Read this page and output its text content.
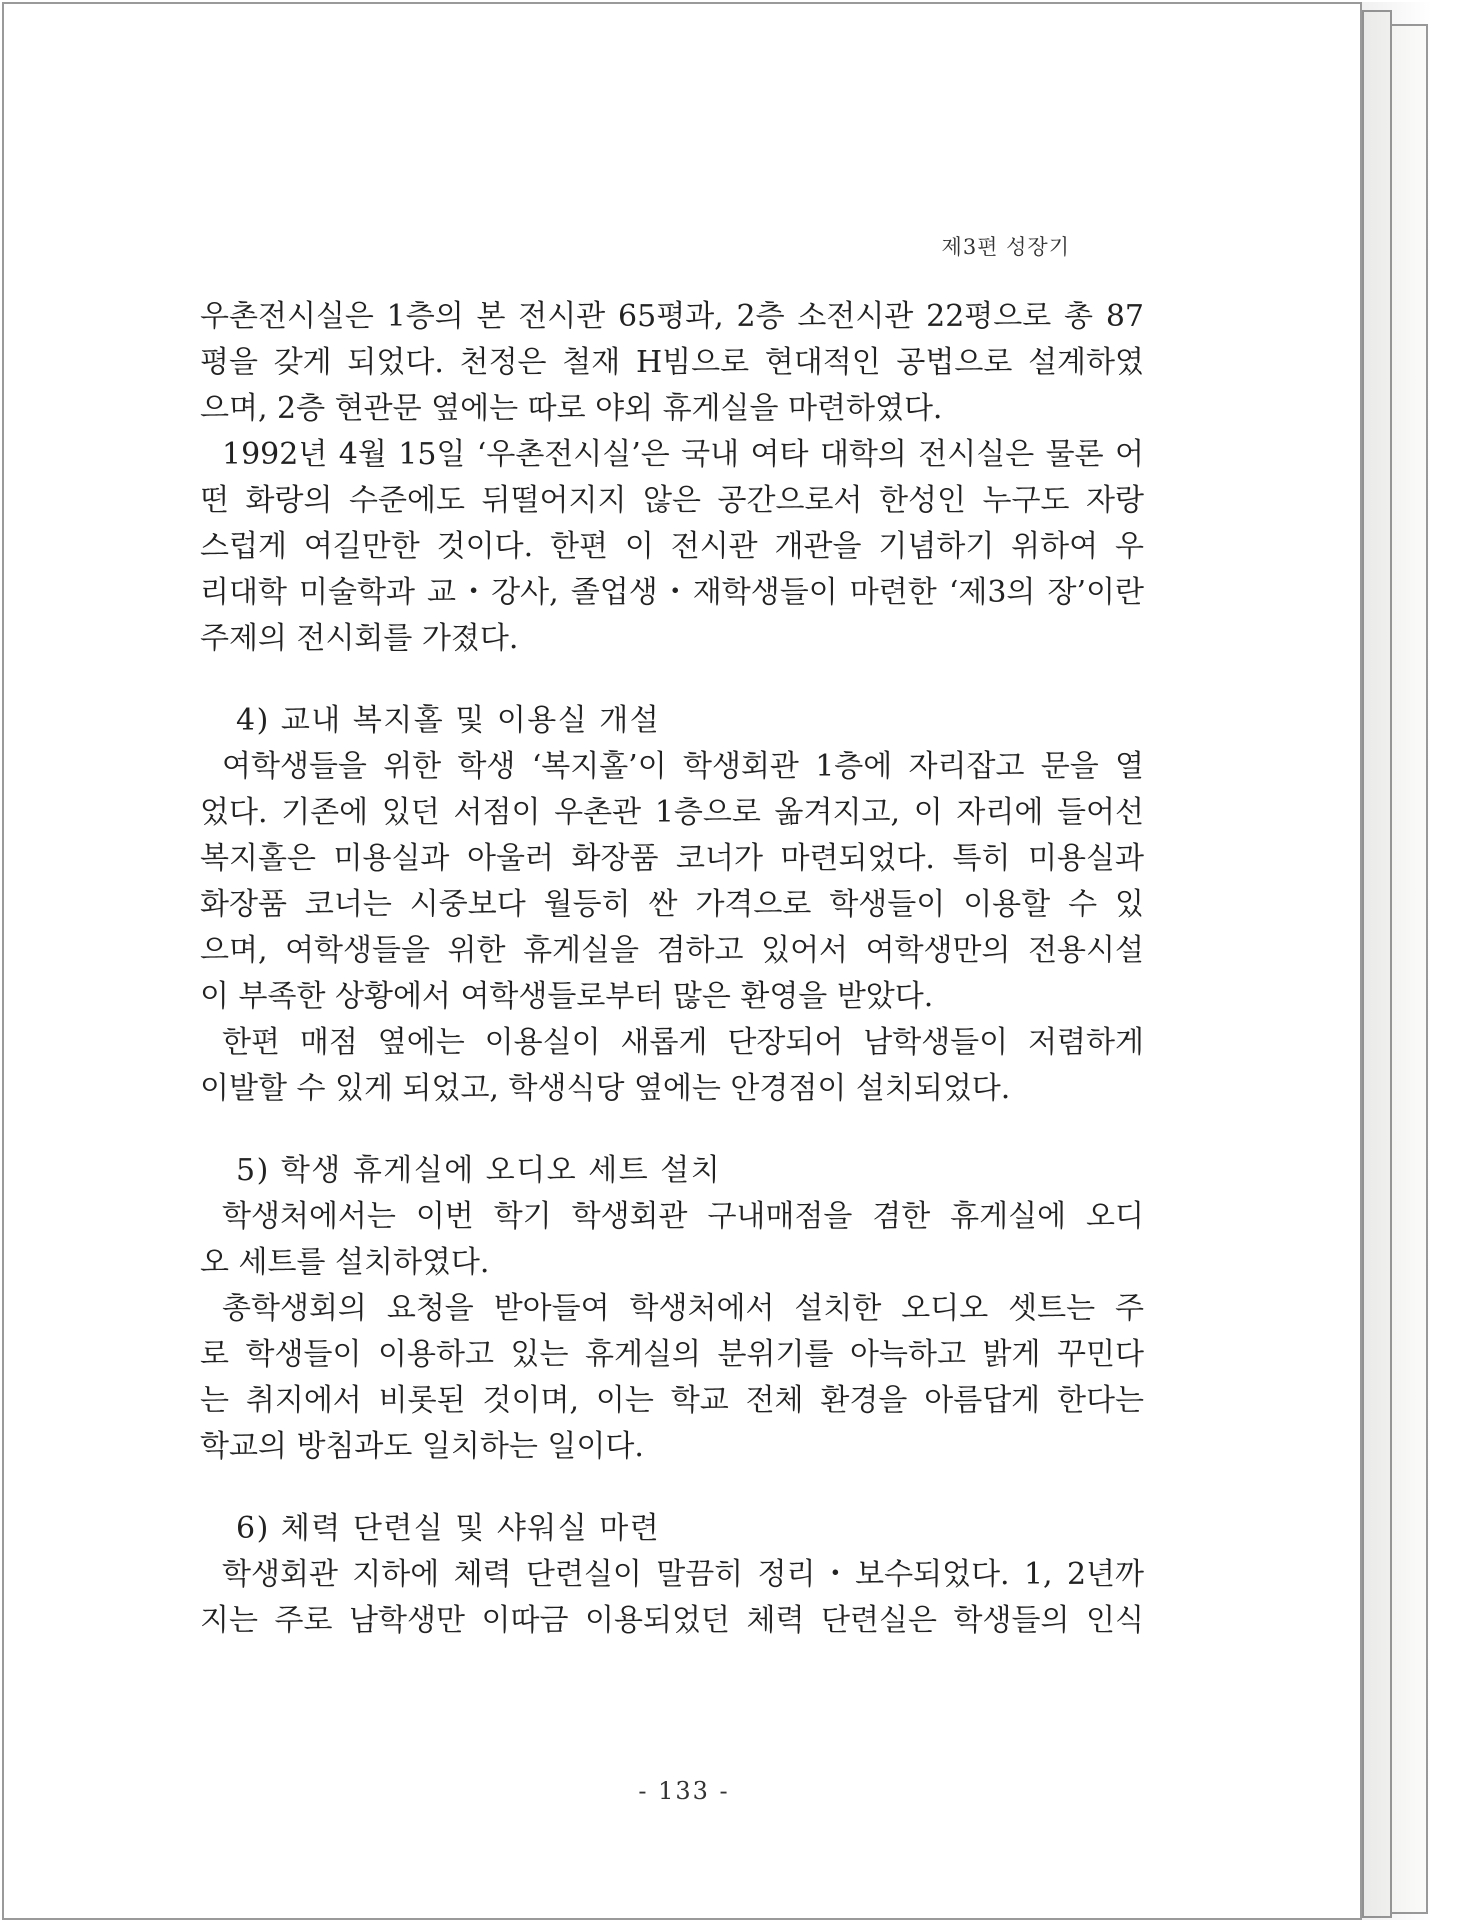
제3편 성장기
우촌전시실은 1층의 본 전시관 65평과, 2층 소전시관 22평으로 총 87
평을 갖게 되었다. 천정은 철재 H빔으로 현대적인 공법으로 설계하였
으며, 2층 현관문 옆에는 따로 야외 휴게실을 마련하였다.
1992년 4월 15일 ‘우촌전시실’은 국내 여타 대학의 전시실은 물론 어
떤 화랑의 수준에도 뒤떨어지지 않은 공간으로서 한성인 누구도 자랑
스럽게 여길만한 것이다. 한편 이 전시관 개관을 기념하기 위하여 우
리대학 미술학과 교・강사, 졸업생・재학생들이 마련한 ‘제3의 장’이란
주제의 전시회를 가졌다.
4) 교내 복지홀 및 이용실 개설
여학생들을 위한 학생 ‘복지홀’이 학생회관 1층에 자리잡고 문을 열
었다. 기존에 있던 서점이 우촌관 1층으로 옮겨지고, 이 자리에 들어선
복지홀은 미용실과 아울러 화장품 코너가 마련되었다. 특히 미용실과
화장품 코너는 시중보다 월등히 싼 가격으로 학생들이 이용할 수 있
으며, 여학생들을 위한 휴게실을 겸하고 있어서 여학생만의 전용시설
이 부족한 상황에서 여학생들로부터 많은 환영을 받았다.
한편 매점 옆에는 이용실이 새롭게 단장되어 남학생들이 저렴하게
이발할 수 있게 되었고, 학생식당 옆에는 안경점이 설치되었다.
5) 학생 휴게실에 오디오 세트 설치
학생처에서는 이번 학기 학생회관 구내매점을 겸한 휴게실에 오디
오 세트를 설치하였다.
총학생회의 요청을 받아들여 학생처에서 설치한 오디오 셋트는 주
로 학생들이 이용하고 있는 휴게실의 분위기를 아늑하고 밝게 꾸민다
는 취지에서 비롯된 것이며, 이는 학교 전체 환경을 아름답게 한다는
학교의 방침과도 일치하는 일이다.
6) 체력 단련실 및 샤워실 마련
학생회관 지하에 체력 단련실이 말끔히 정리・보수되었다. 1, 2년까
지는 주로 남학생만 이따금 이용되었던 체력 단련실은 학생들의 인식
- 133 -
